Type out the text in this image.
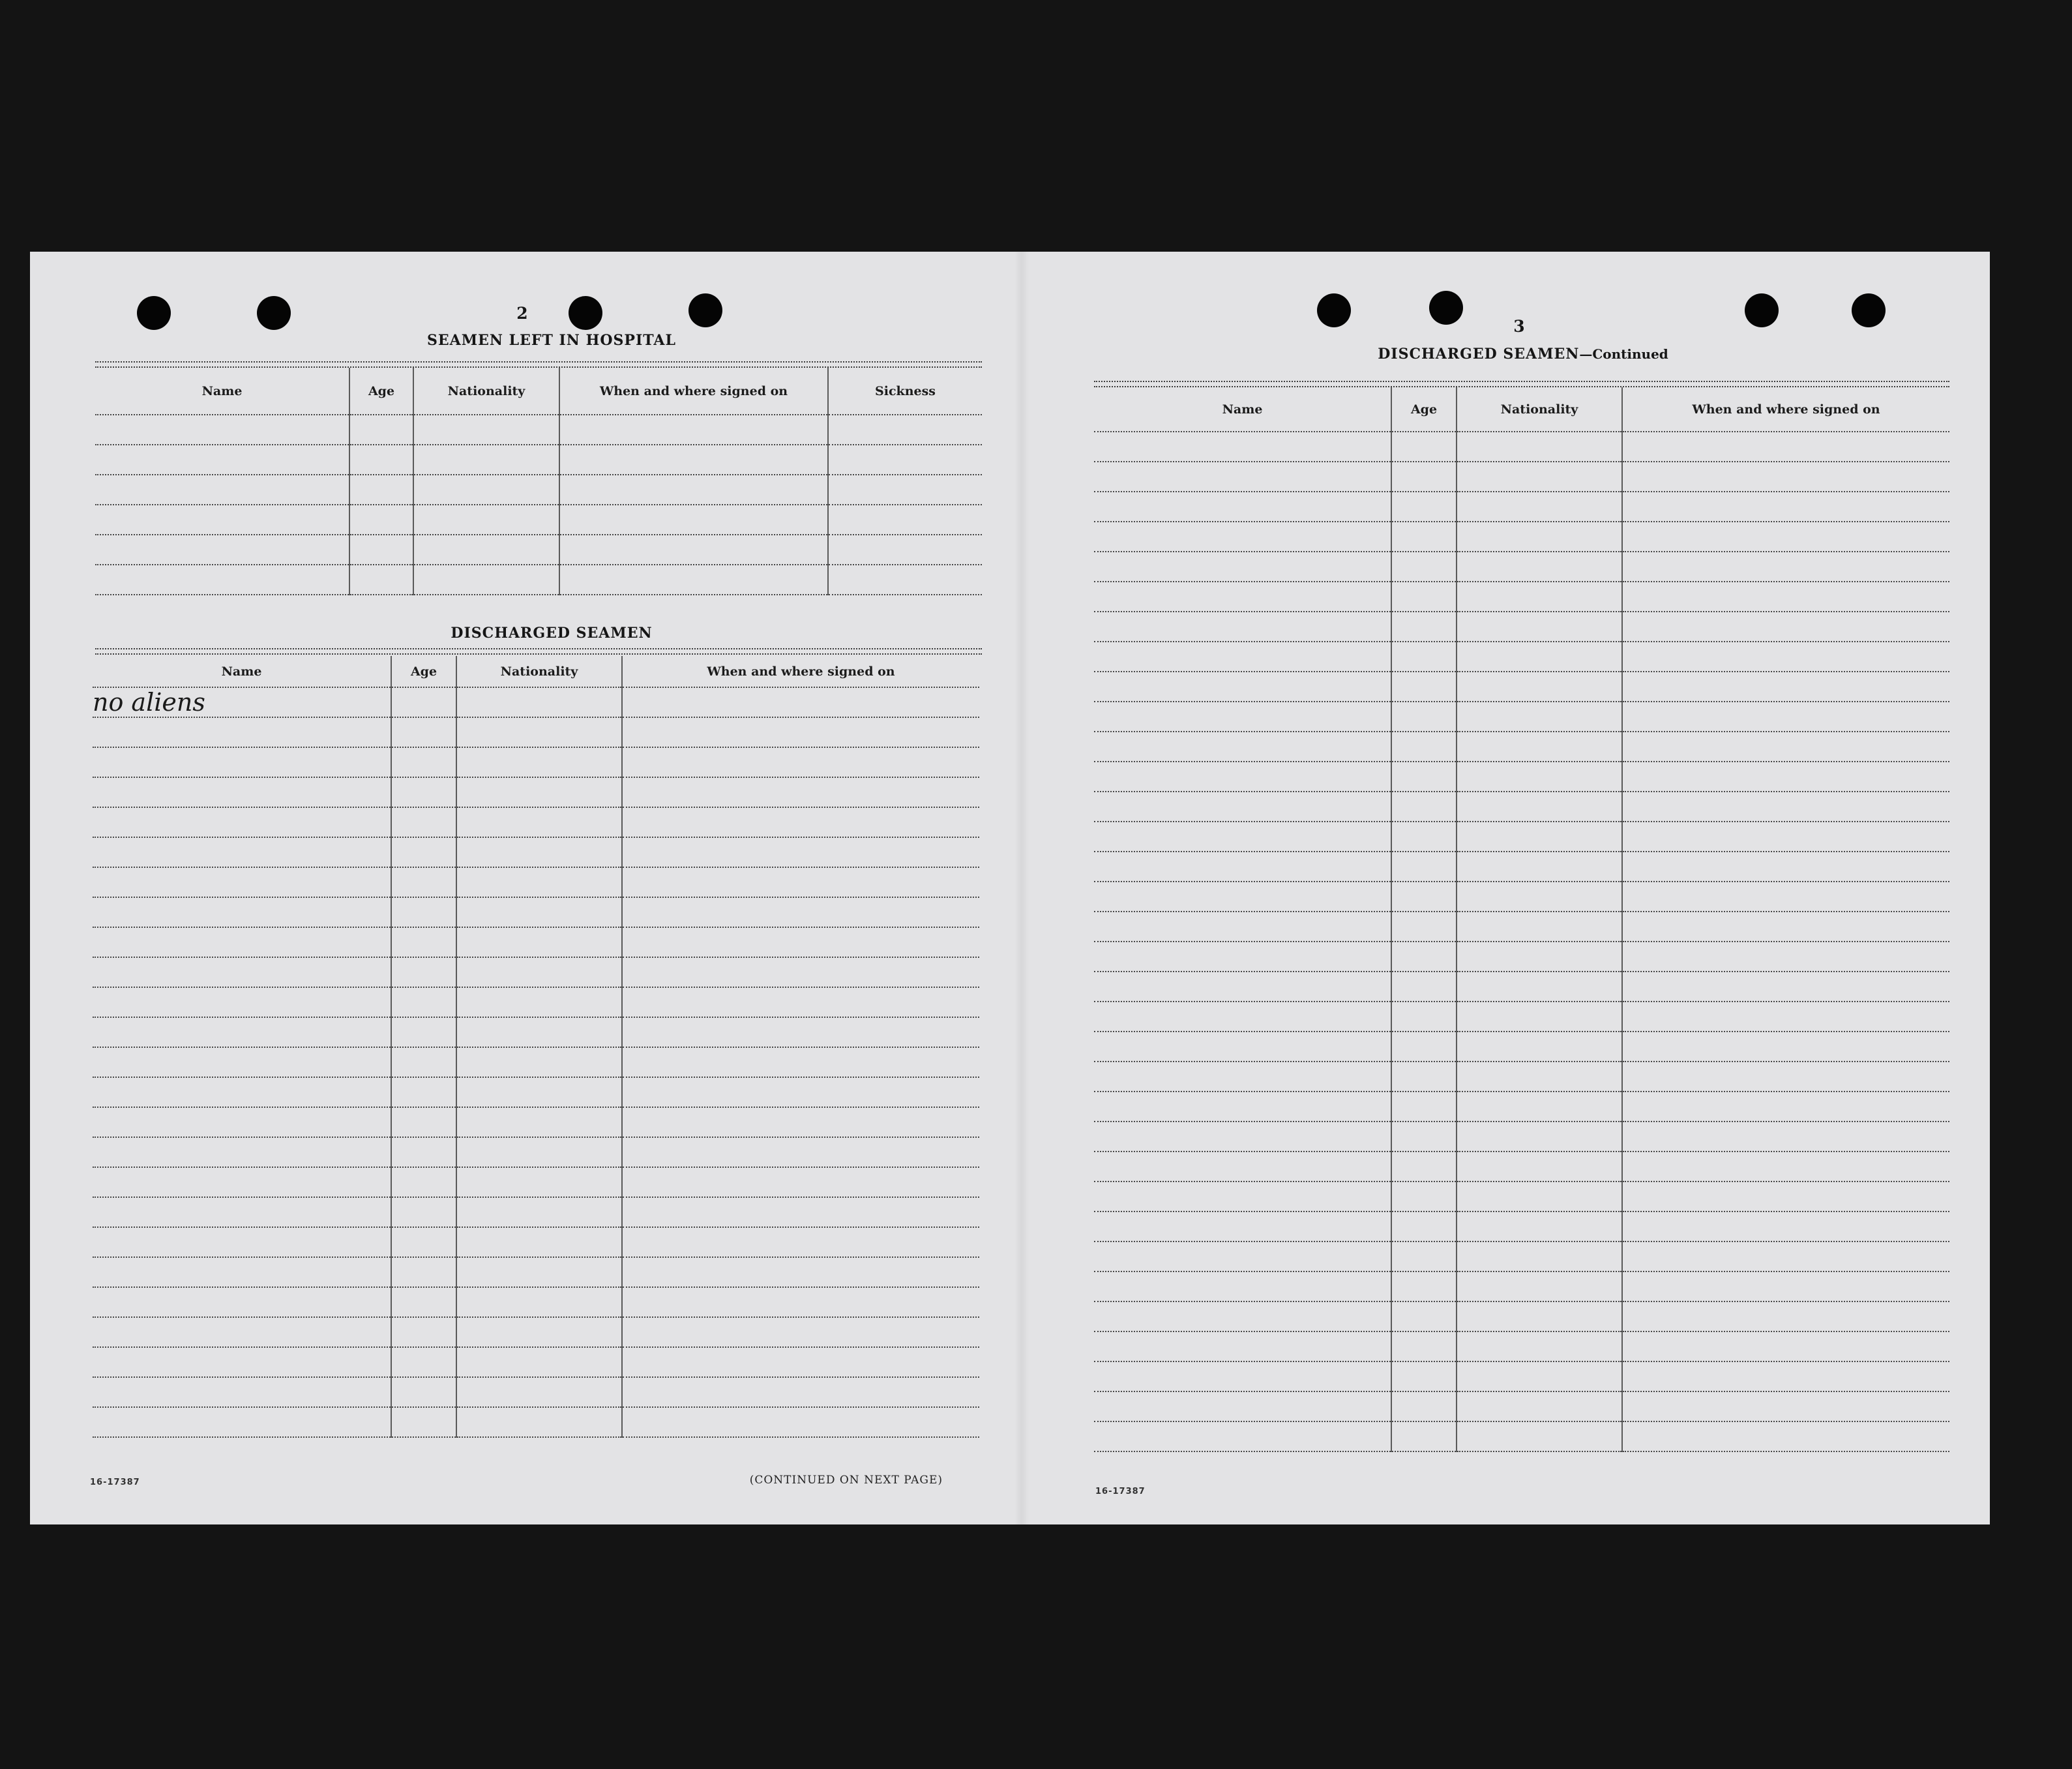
2

SEAMEN LEFT IN HOSPITAL

Name	Age	Nationality	When and where signed on	Sickness

DISCHARGED SEAMEN

Name	Age	Nationality	When and where signed on
no aliens			

16-17387	(CONTINUED ON NEXT PAGE)

3

DISCHARGED SEAMEN—Continued

Name	Age	Nationality	When and where signed on

16-17387
